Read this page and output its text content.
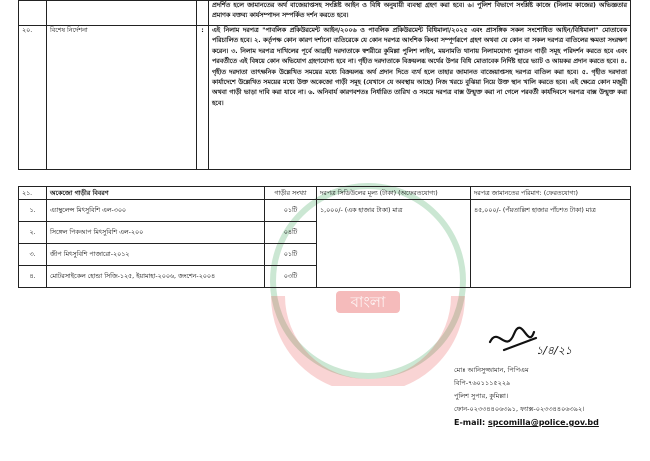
বাংলা
			প্রদর্শিত হলে জামানতের অর্থ বাজেয়াপ্তসহ সংশ্লিষ্ট আইন ও বিধি অনুযায়ী ব্যবস্থা গ্রহণ করা হবে। ৬। পুলিশ বিভাগে সংশ্লিষ্ট কাজে (নিলাম কাজের) অভিজ্ঞতার প্রমাণক বক্তব্য কার্যসম্পাদন সম্পর্কিত দর্শন করতে হবে।
২০.	বিশেষ নির্দেশনা	:	এই নিলাম দরপত্র "পাবলিক প্রকিউরমেন্ট আইন/২০০৬ ও পাবলিক প্রকিউরমেন্ট বিধিমালা/২০২৫ এবং প্রাসঙ্গিক সকল সংশোধিত আইন/বিধিমালা" মোতাবেক পরিচালিত হবে। ২. কর্তৃপক্ষ কোন কারণ দর্শানো ব্যতিরেকে যে কোন দরপত্র আংশিক কিংবা সম্পূর্ণরূপে গ্রহণ অথবা যে কোন বা সকল দরপত্র বাতিলের ক্ষমতা সংরক্ষণ করেন। ৩. নিলাম দরপত্র দাখিলের পূর্বে আগ্রহী দরদাতাকে স্বশরীরে কুমিল্লা পুলিশ লাইন, ময়নামতি থানায় নিলামযোগ্য পুরাতন গাড়ী সমূহ পরিদর্শন করতে হবে এবং পরবর্তীতে এই বিষয়ে কোন অভিযোগ গ্রহণযোগ্য হবে না। গৃহীত দরদাতাকে বিক্রয়লব্ধ অর্থের উপর বিধি মোতাবেক নির্দিষ্ট হারে ভ্যাট ও আয়কর প্রদান করতে হবে। ৪. গৃহীত দরদাতা তাৎক্ষনিক উল্লেখিত সময়ের মধ্যে বিক্রয়লব্ধ অর্থ প্রদান দিতে ব্যর্থ হলে তাহার জামানত বাজেয়াপ্তসহ দরপত্র বাতিল করা হবে। ৫. গৃহীত দরদাতা কার্যাদেশে উল্লেখিত সময়ের মধ্যে উক্ত অকেজো গাড়ী সমূহ (যেখানে যে অবস্থায় আছে) নিজ খরচে বুঝিয়া নিয়ে উক্ত স্থান খালি করতে হবে। এই ক্ষেত্রে কোন মজুরী অথবা গাড়ী ভাড়া দাবি করা যাবে না। ৬. অনিবার্য কারণবশতঃ নির্ধারিত তারিখ ও সময়ে দরপত্র বাক্স উন্মুক্ত করা না গেলে পরবর্তী কার্যদিবসে দরপত্র বাক্স উন্মুক্ত করা হবে।
২১.	অকেজো গাড়ীর বিবরণ	গাড়ীর সংখ্যা	দরপত্র সিডিউলের মূল্য (টাকা) (অফেরতযোগ্য)	দরপত্র জামানতের পরিমাণ: (ফেরতযোগ্য)
১.	এ্যাম্বুলেন্স মিৎসুবিশি এল-৩০০	০১টি	১,০০০/- (এক হাজার টাকা) মাত্র	৪৫,০০০/- (পঁয়তাল্লিশ হাজার পাঁচশত টাকা) মাত্র
২.	সিঙ্গেল পিকআপ মিৎসুবিশি এল-২০০	০৪টি		
৩.	জীপ মিৎসুবিশি পাজারো-২০১২	০১টি		
৪.	মোটরসাইকেল হোন্ডা সিজি-১২৫, ইয়ামাহা-২০০৬, জংশেন-২০০৪	০৩টি		
১/৪/২১
মোঃ আনিসুজ্জামান, পিপিএম
বিপি-৭৬০১১১৫২২৯
পুলিশ সুপার, কুমিল্লা।
ফোন-০২৩৩৪৪০৬৩৯১, ফ্যাক্স-০২৩৩৪৪০৬৩৯২।
E-mail: spcomilla@police.gov.bd
